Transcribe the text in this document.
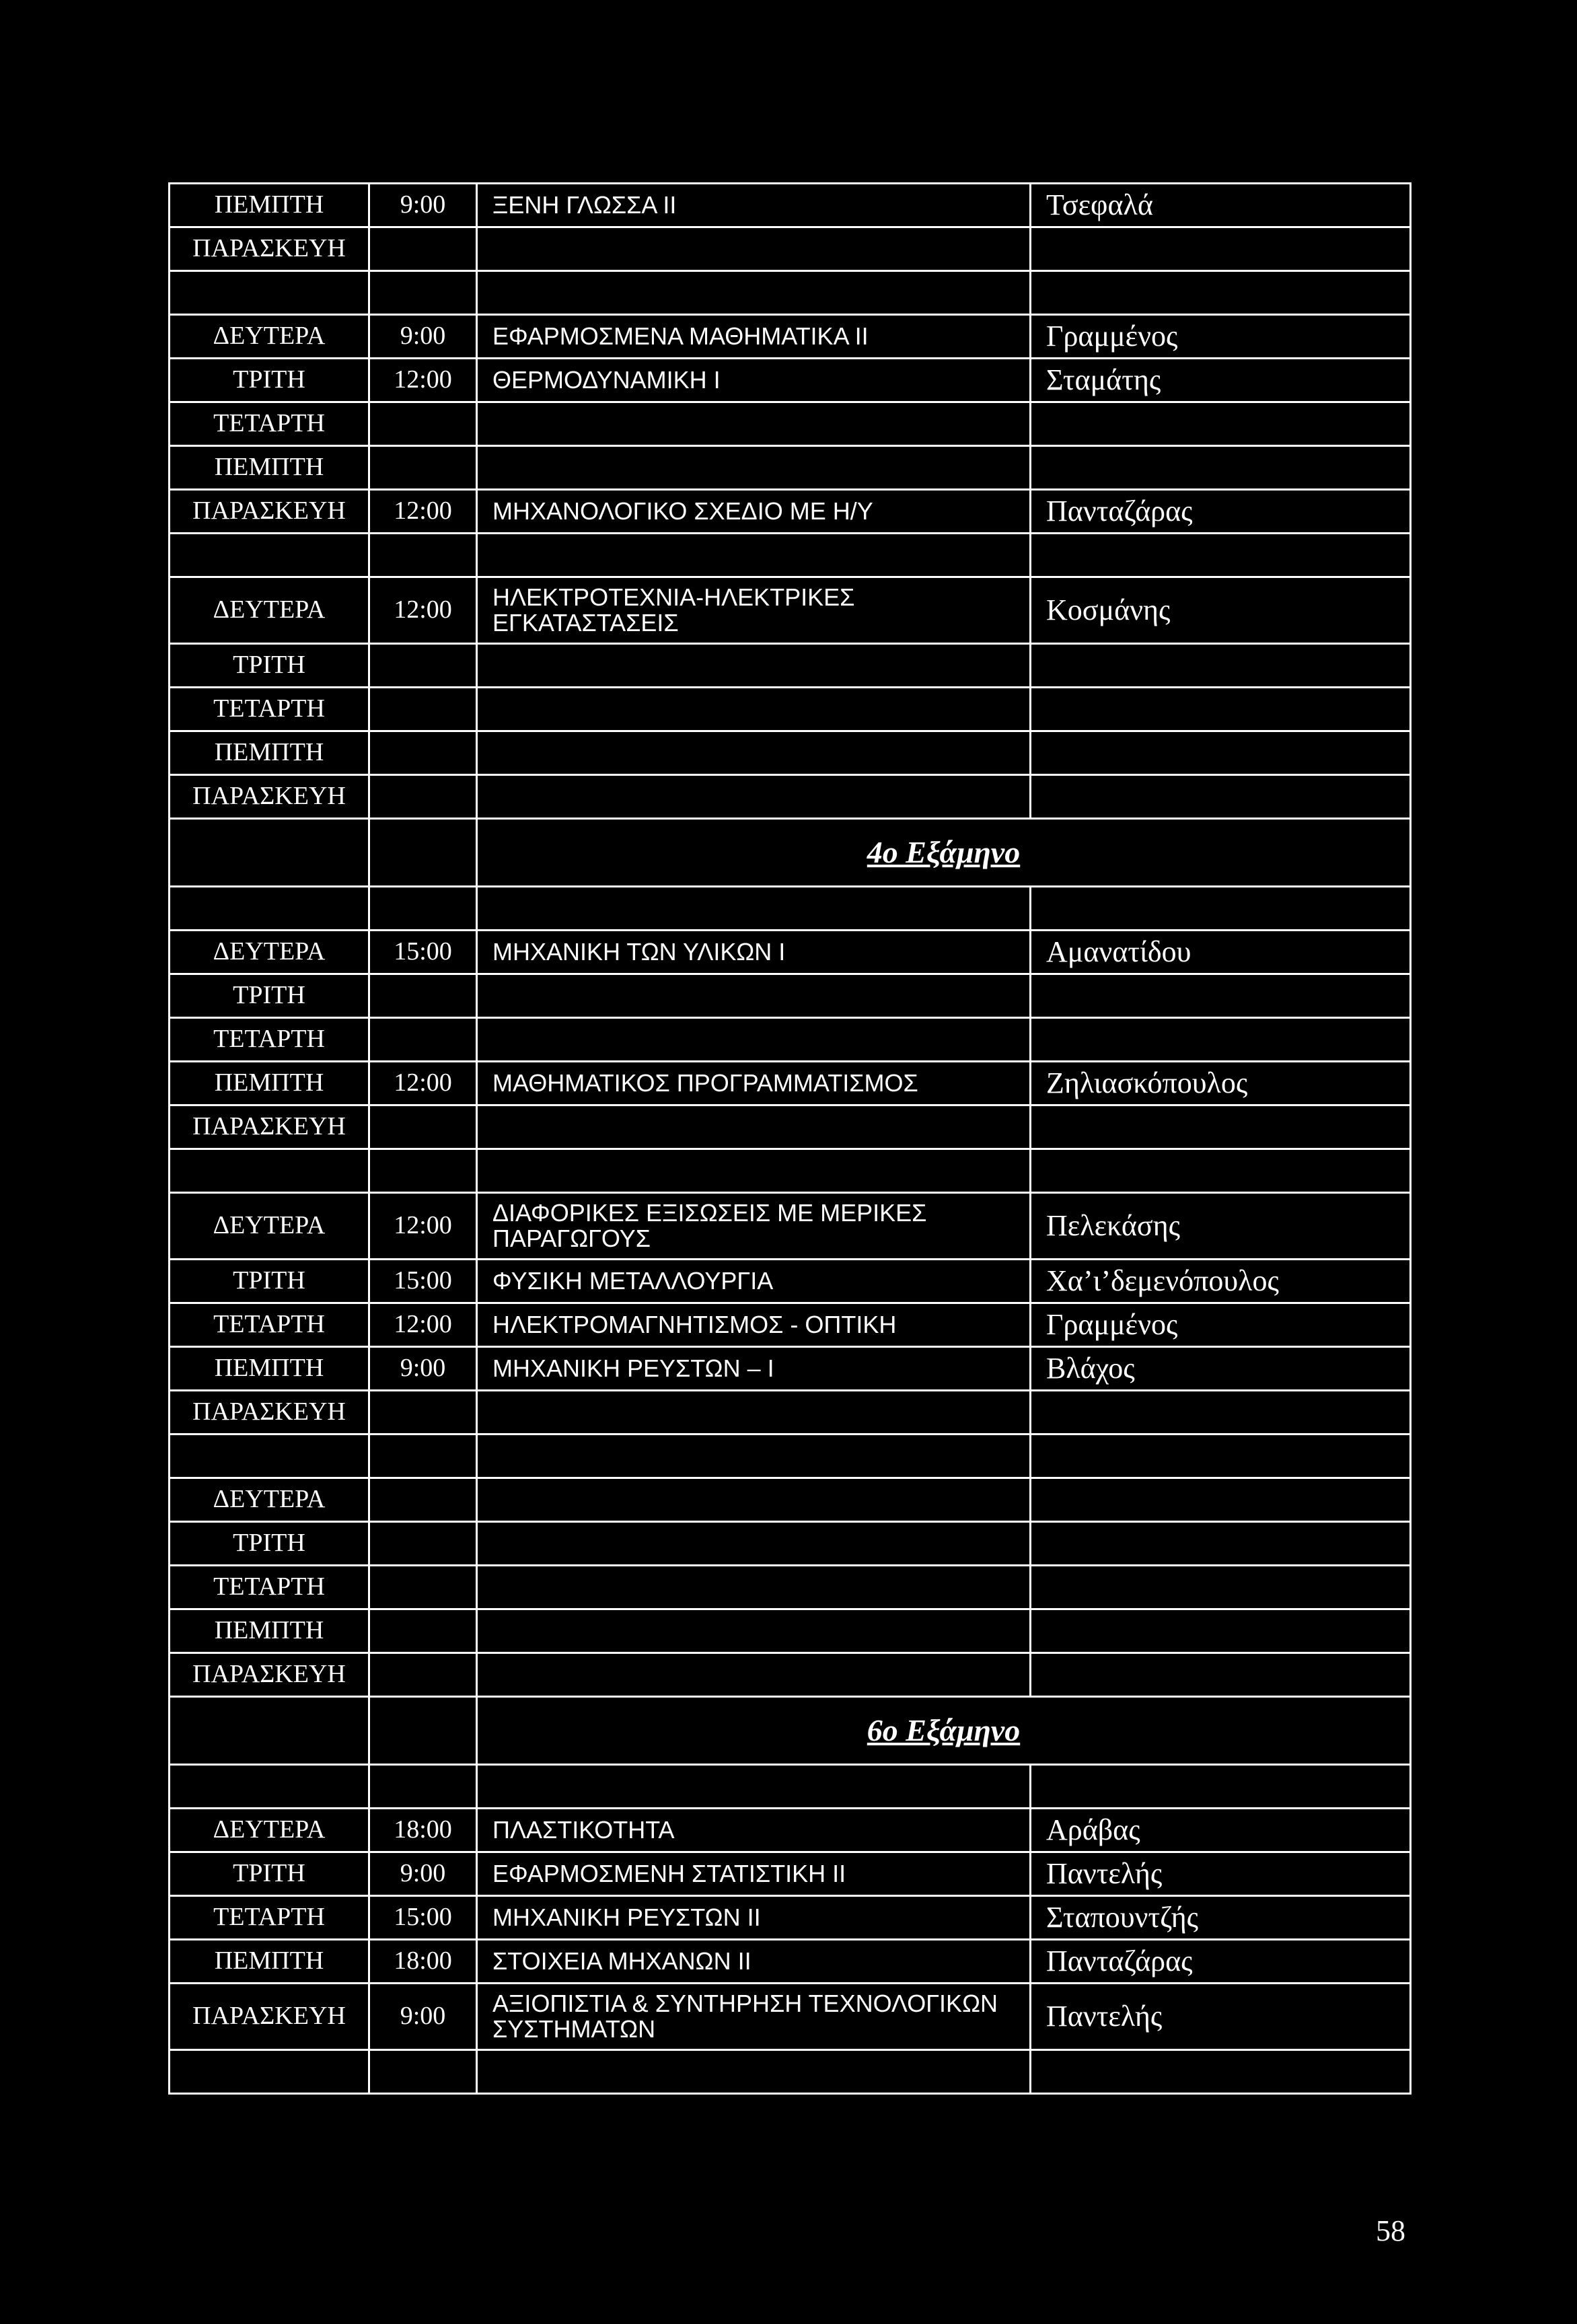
ΠΕΜΠΤΗ	9:00	ΞΕΝΗ ΓΛΩΣΣΑ ΙΙ	Τσεφαλά
ΠΑΡΑΣΚΕΥΗ			

ΔΕΥΤΕΡΑ	9:00	ΕΦΑΡΜΟΣΜΕΝΑ ΜΑΘΗΜΑΤΙΚΑ ΙΙ	Γραμμένος
ΤΡΙΤΗ	12:00	ΘΕΡΜΟΔΥΝΑΜΙΚΗ Ι	Σταμάτης
ΤΕΤΑΡΤΗ			
ΠΕΜΠΤΗ			
ΠΑΡΑΣΚΕΥΗ	12:00	ΜΗΧΑΝΟΛΟΓΙΚΟ ΣΧΕΔΙΟ ΜΕ Η/Υ	Πανταζάρας

ΔΕΥΤΕΡΑ	12:00	ΗΛΕΚΤΡΟΤΕΧΝΙΑ-ΗΛΕΚΤΡΙΚΕΣ ΕΓΚΑΤΑΣΤΑΣΕΙΣ	Κοσμάνης
ΤΡΙΤΗ			
ΤΕΤΑΡΤΗ			
ΠΕΜΠΤΗ			
ΠΑΡΑΣΚΕΥΗ			
		4ο Εξάμηνο	

ΔΕΥΤΕΡΑ	15:00	ΜΗΧΑΝΙΚΗ ΤΩΝ ΥΛΙΚΩΝ Ι	Αμανατίδου
ΤΡΙΤΗ			
ΤΕΤΑΡΤΗ			
ΠΕΜΠΤΗ	12:00	ΜΑΘΗΜΑΤΙΚΟΣ ΠΡΟΓΡΑΜΜΑΤΙΣΜΟΣ	Ζηλιασκόπουλος
ΠΑΡΑΣΚΕΥΗ			

ΔΕΥΤΕΡΑ	12:00	ΔΙΑΦΟΡΙΚΕΣ ΕΞΙΣΩΣΕΙΣ ΜΕ ΜΕΡΙΚΕΣ ΠΑΡΑΓΩΓΟΥΣ	Πελεκάσης
ΤΡΙΤΗ	15:00	ΦΥΣΙΚΗ ΜΕΤΑΛΛΟΥΡΓΙΑ	Χα’ι’δεμενόπουλος
ΤΕΤΑΡΤΗ	12:00	ΗΛΕΚΤΡΟΜΑΓΝΗΤΙΣΜΟΣ - ΟΠΤΙΚΗ	Γραμμένος
ΠΕΜΠΤΗ	9:00	ΜΗΧΑΝΙΚΗ ΡΕΥΣΤΩΝ – Ι	Βλάχος
ΠΑΡΑΣΚΕΥΗ			

ΔΕΥΤΕΡΑ			
ΤΡΙΤΗ			
ΤΕΤΑΡΤΗ			
ΠΕΜΠΤΗ			
ΠΑΡΑΣΚΕΥΗ			
		6ο Εξάμηνο	

ΔΕΥΤΕΡΑ	18:00	ΠΛΑΣΤΙΚΟΤΗΤΑ	Αράβας
ΤΡΙΤΗ	9:00	ΕΦΑΡΜΟΣΜΕΝΗ ΣΤΑΤΙΣΤΙΚΗ ΙΙ	Παντελής
ΤΕΤΑΡΤΗ	15:00	ΜΗΧΑΝΙΚΗ ΡΕΥΣΤΩΝ ΙΙ	Σταπουντζής
ΠΕΜΠΤΗ	18:00	ΣΤΟΙΧΕΙΑ ΜΗΧΑΝΩΝ ΙΙ	Πανταζάρας
ΠΑΡΑΣΚΕΥΗ	9:00	ΑΞΙΟΠΙΣΤΙΑ & ΣΥΝΤΗΡΗΣΗ ΤΕΧΝΟΛΟΓΙΚΩΝ ΣΥΣΤΗΜΑΤΩΝ	Παντελής

58
